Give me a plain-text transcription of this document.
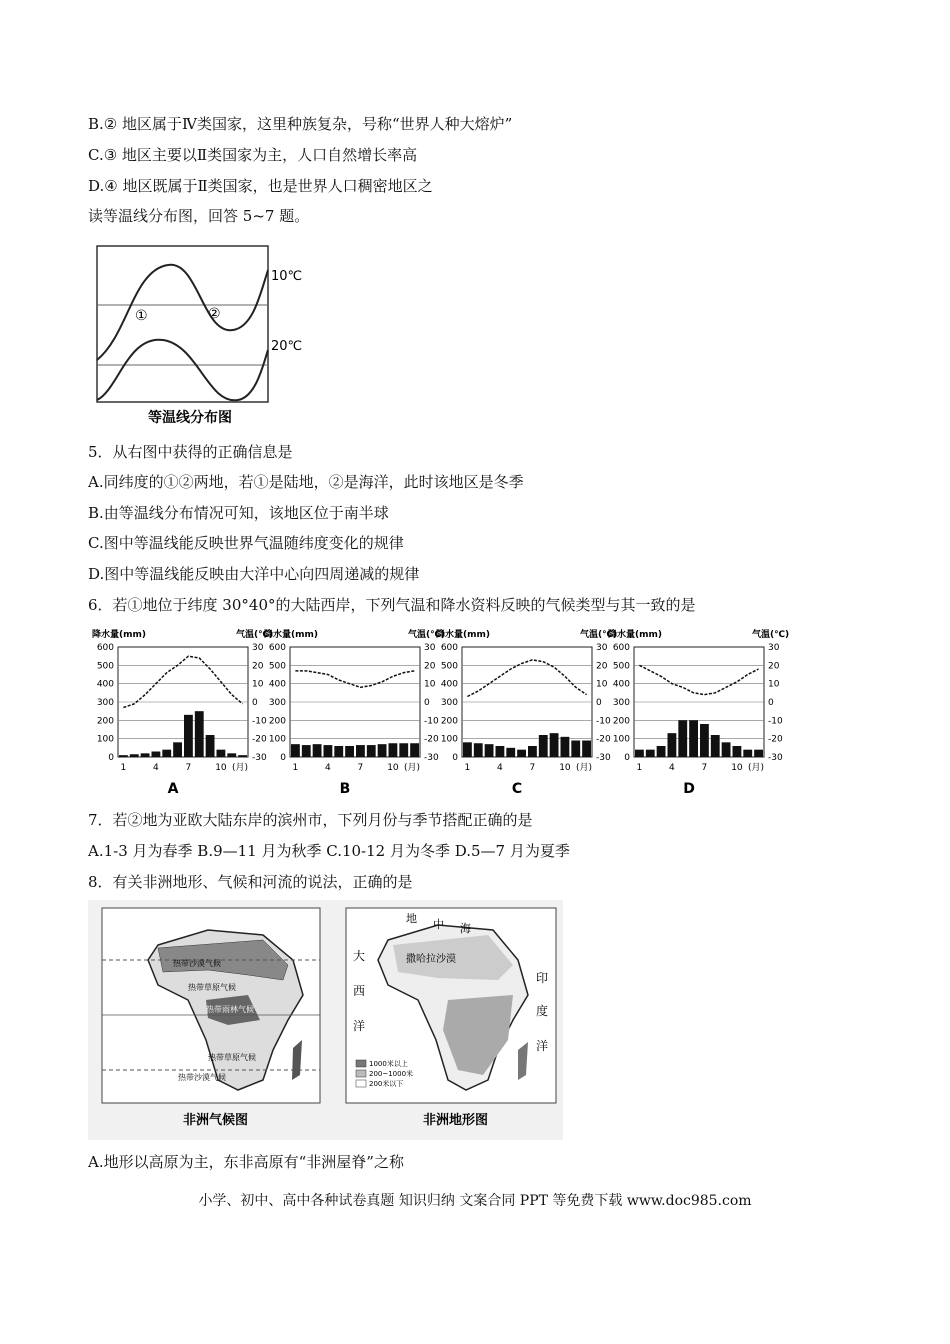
B.② 地区属于Ⅳ类国家，这里种族复杂，号称“世界人种大熔炉”
C.③ 地区主要以Ⅱ类国家为主，人口自然增长率高
D.④ 地区既属于Ⅱ类国家，也是世界人口稠密地区之
读等温线分布图，回答 5~7 题。
10℃
20℃
①	②
等温线分布图
5．从右图中获得的正确信息是
A.同纬度的①②两地，若①是陆地，②是海洋，此时该地区是冬季
B.由等温线分布情况可知，该地区位于南半球
C.图中等温线能反映世界气温随纬度变化的规律
D.图中等温线能反映由大洋中心向四周递减的规律
6．若①地位于纬度 30°40°的大陆西岸，下列气温和降水资料反映的气候类型与其一致的是
降水量(mm)	气温(℃)
600	30
500	20
400	10
300	0
200	-10
100	-20
0	-30
1	4	7	10 (月)
A
降水量(mm)	气温(℃)
600	30
500	20
400	10
300	0
200	-10
100	-20
0	-30
1	4	7	10 (月)
B
降水量(mm)	气温(℃)
600	30
500	20
400	10
300	0
200	-10
100	-20
0	-30
1	4	7	10 (月)
C
降水量(mm)	气温(℃)
600	30
500	20
400	10
300	0
200	-10
100	-20
0	-30
1	4	7	10 (月)
D
7．若②地为亚欧大陆东岸的滨州市，下列月份与季节搭配正确的是
A.1-3 月为春季 B.9—11 月为秋季 C.10-12 月为冬季 D.5—7 月为夏季
8．有关非洲地形、气候和河流的说法，正确的是
热带沙漠气候
热带草原气候
热带雨林气候
热带草原气候
热带沙漠气候
非洲气候图
地 中 海
大
西
洋
印
度
洋
撒哈拉沙漠
1000米以上
200~1000米
200米以下
非洲地形图
A.地形以高原为主，东非高原有“非洲屋脊”之称
小学、初中、高中各种试卷真题 知识归纳 文案合同 PPT 等免费下载 www.doc985.com
